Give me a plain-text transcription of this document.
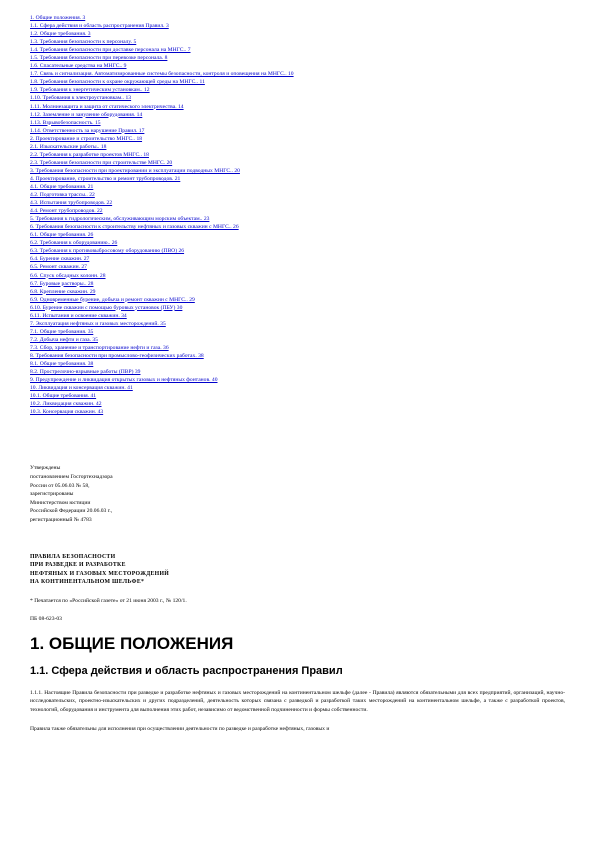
1. Общие положения. 3
1.1. Сфера действия и область распространения Правил. 3
1.2. Общие требования. 3
1.3. Требования безопасности к персоналу. 5
1.4. Требования безопасности при доставке персонала на МНГС.. 7
1.5. Требования безопасности при перевозке персонала. 8
1.6. Спасательные средства на МНГС.. 9
1.7. Связь и сигнализация. Автоматизированные системы безопасности, контроля и оповещения на МНГС.. 10
1.8. Требования безопасности к охране окружающей среды на МНГС.. 11
1.9. Требования к энергетическим установкам.. 12
1.10. Требования к электроустановкам.. 13
1.11. Молниезащита и защита от статического электричества. 14
1.12. Заземление и зануление оборудования. 14
1.13. Взрывобезопасность. 15
1.14. Ответственность за нарушение Правил. 17
2. Проектирование и строительство МНГС.. 18
2.1. Изыскательские работы.. 18
2.2. Требования к разработке проектов МНГС.. 18
2.3. Требования безопасности при строительстве МНГС. 20
3. Требования безопасности при проектировании и эксплуатации подводных МНГС.. 20
4. Проектирование, строительство и ремонт трубопроводов. 21
4.1. Общие требования. 21
4.2. Подготовка трассы.. 22
4.3. Испытания трубопроводов. 22
4.4. Ремонт трубопроводов. 22
5. Требования к гидрологическим, обслуживающим морским объектам.. 23
6. Требования безопасности к строительству нефтяных и газовых скважин с МНГС.. 26
6.1. Общие требования. 26
6.2. Требования к оборудованию.. 26
6.3. Требования к противовыбросовому оборудованию (ПВО) 26
6.4. Бурение скважин. 27
6.5. Ремонт скважин. 27
6.6. Спуск обсадных колонн. 28
6.7. Буровые растворы.. 28
6.8. Крепление скважин. 29
6.9. Одновременные бурение, добыча и ремонт скважин с МНГС.. 29
6.10. Бурение скважин с помощью буровых установок (ПБУ) 30
6.11. Испытания и освоение скважин. 34
7. Эксплуатация нефтяных и газовых месторождений. 35
7.1. Общие требования. 35
7.2. Добыча нефти и газа. 35
7.3. Сбор, хранение и транспортирование нефти и газа. 36
8. Требования безопасности при промыслово-геофизических работах. 38
8.1. Общие требования. 38
8.2. Прострелочно-взрывные работы (ПВР) 39
9. Предупреждение и ликвидация открытых газовых и нефтяных фонтанов. 40
10. Ликвидация и консервация скважин. 41
10.1. Общие требования. 41
10.2. Ликвидация скважин. 42
10.3. Консервация скважин. 43
Утверждены
постановлением Госгортехнадзора
России от 05.06.03 № 58,
зарегистрированы
Министерством юстиции
Российской Федерации 20.06.03 г.,
регистрационный № 4783
ПРАВИЛА БЕЗОПАСНОСТИ
ПРИ РАЗВЕДКЕ И РАЗРАБОТКЕ
НЕФТЯНЫХ И ГАЗОВЫХ МЕСТОРОЖДЕНИЙ
НА КОНТИНЕНТАЛЬНОМ ШЕЛЬФЕ*
* Печатается по «Российской газете» от 21 июня 2003 г., № 120/1.
ПБ 08-623-03
1. ОБЩИЕ ПОЛОЖЕНИЯ
1.1. Сфера действия и область распространения Правил
1.1.1. Настоящие Правила безопасности при разведке и разработке нефтяных и газовых месторождений на континентальном шельфе (далее - Правила) являются обязательными для всех предприятий, организаций, научно-исследовательских, проектно-изыскательских и других подразделений, деятельность которых связана с разведкой и разработкой таких месторождений на континентальном шельфе, а также с разработкой проектов, технологий, оборудования и инструмента для выполнения этих работ, независимо от ведомственной подчиненности и формы собственности.
Правила также обязательны для исполнения при осуществлении деятельности по разведке и разработке нефтяных, газовых и
